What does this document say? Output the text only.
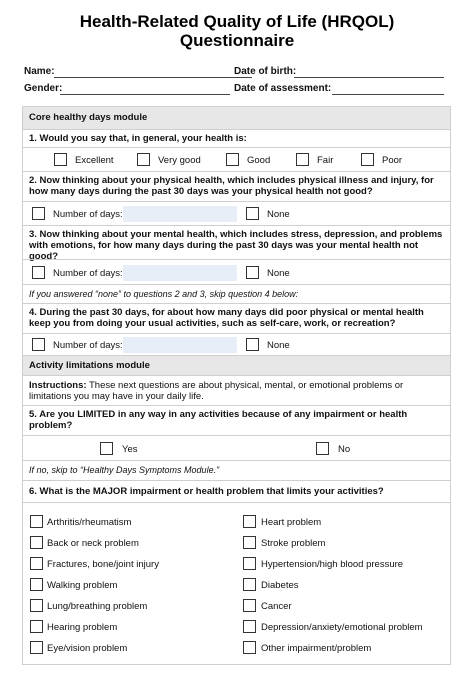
Health-Related Quality of Life (HRQOL)
Questionnaire
Name:	Date of birth:
Gender:	Date of assessment:
Core healthy days module
1. Would you say that, in general, your health is:
Excellent	Very good	Good	Fair	Poor
2. Now thinking about your physical health, which includes physical illness and injury, for how many days during the past 30 days was your physical health not good?
Number of days:	None
3. Now thinking about your mental health, which includes stress, depression, and problems with emotions, for how many days during the past 30 days was your mental health not good?
Number of days:	None
If you answered “none” to questions 2 and 3, skip question 4 below:
4. During the past 30 days, for about how many days did poor physical or mental health keep you from doing your usual activities, such as self-care, work, or recreation?
Number of days:	None
Activity limitations module
Instructions: These next questions are about physical, mental, or emotional problems or limitations you may have in your daily life.
5. Are you LIMITED in any way in any activities because of any impairment or health problem?
Yes	No
If no, skip to “Healthy Days Symptoms Module.”
6. What is the MAJOR impairment or health problem that limits your activities?
Arthritis/rheumatism
Back or neck problem
Fractures, bone/joint injury
Walking problem
Lung/breathing problem
Hearing problem
Eye/vision problem
Heart problem
Stroke problem
Hypertension/high blood pressure
Diabetes
Cancer
Depression/anxiety/emotional problem
Other impairment/problem
